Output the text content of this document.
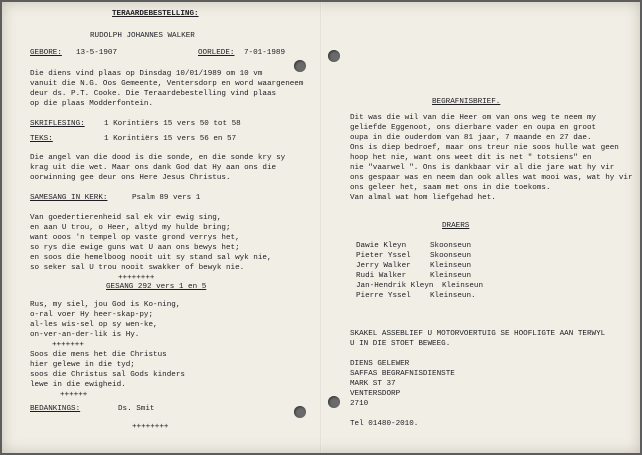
TERAARDEBESTELLING:
RUDOLPH JOHANNES WALKER
GEBORE: 13-5-1907	OORLEDE: 7-01-1989
Die diens vind plaas op Dinsdag 10/01/1989 om 10 vm
vanuit die N.G. Oos Gemeente, Ventersdorp en word waargeneem
deur ds. P.T. Cooke. Die Teraardebestelling vind plaas
op die plaas Modderfontein.
SKRIFLESING:	1 Korintiërs 15 vers 50 tot 58
TEKS:	1 Korintiërs 15 vers 56 en 57
Die angel van die dood is die sonde, en die sonde kry sy
krag uit die wet. Maar ons dank God dat Hy aan ons die
oorwinning gee deur ons Here Jesus Christus.
SAMESANG IN KERK:	Psalm 89 vers 1
Van goedertierenheid sal ek vir ewig sing,
en aan U trou, o Heer, altyd my hulde bring;
want ooos 'n tempel op vaste grond verrys het,
so rys die ewige guns wat U aan ons bewys het;
en soos die hemelboog nooit uit sy stand sal wyk nie,
so seker sal U trou nooit swakker of bewyk nie.
++++++++
GESANG 292 vers 1 en 5
Rus, my siel, jou God is Ko-ning,
o-ral voer Hy heer-skap-py;
al-les wis-sel op sy wen-ke,
on-ver-an-der-lik is Hy.
+++++++
Soos die mens het die Christus
hier gelewe in die tyd;
soos die Christus sal Gods kinders
lewe in die ewigheid.
++++++
BEDANKINGS:	Ds. Smit
++++++++
BEGRAFNISBRIEF.
Dit was die wil van die Heer om van ons weg te neem my
geliefde Eggenoot, ons dierbare vader en oupa en groot
oupa in die ouderdom van 81 jaar, 7 maande en 27 dae.
Ons is diep bedroef, maar ons treur nie soos hulle wat geen
hoop het nie, want ons weet dit is net " totsiens" en
nie "vaarwel ". Ons is dankbaar vir al die jare wat hy vir
ons gespaar was en neem dan ook alles wat mooi was, wat hy vir
ons geleer het, saam met ons in die toekoms.
Van almal wat hom liefgehad het.
DRAERS
Dawie Kleyn	Skoonseun
Pieter Yssel	Skoonseun
Jerry Walker	Kleinseun
Rudi Walker	Kleinseun
Jan-Hendrik Kleyn Kleinseun
Pierre Yssel	Kleinseun.
SKAKEL ASSEBLIEF U MOTORVOERTUIG SE HOOFLIGTE AAN TERWYL
U IN DIE STOET BEWEEG.
DIENS GELEWER
SAFFAS BEGRAFNISDIENSTE
MARK ST 37
VENTERSDORP
2710
Tel 01480-2010.
